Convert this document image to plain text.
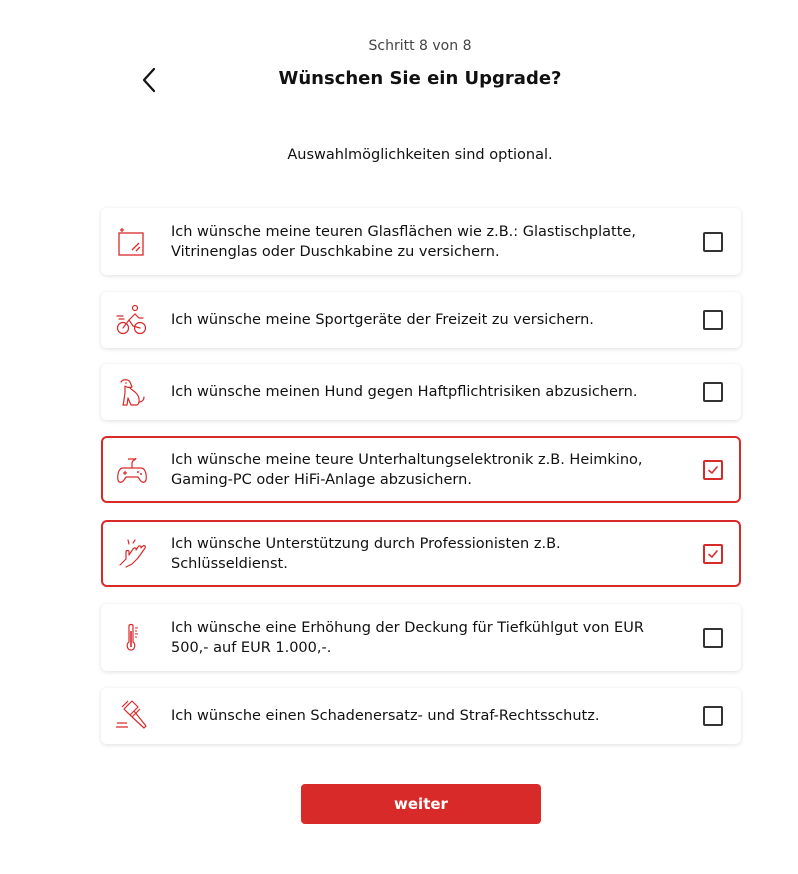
Schritt 8 von 8
Wünschen Sie ein Upgrade?
Auswahlmöglichkeiten sind optional.
Ich wünsche meine teuren Glasflächen wie z.B.: Glastischplatte, Vitrinenglas oder Duschkabine zu versichern.
Ich wünsche meine Sportgeräte der Freizeit zu versichern.
Ich wünsche meinen Hund gegen Haftpflichtrisiken abzusichern.
Ich wünsche meine teure Unterhaltungselektronik z.B. Heimkino, Gaming-PC oder HiFi-Anlage abzusichern.
Ich wünsche Unterstützung durch Professionisten z.B. Schlüsseldienst.
Ich wünsche eine Erhöhung der Deckung für Tiefkühlgut von EUR 500,- auf EUR 1.000,-.
Ich wünsche einen Schadenersatz- und Straf-Rechtsschutz.
weiter
